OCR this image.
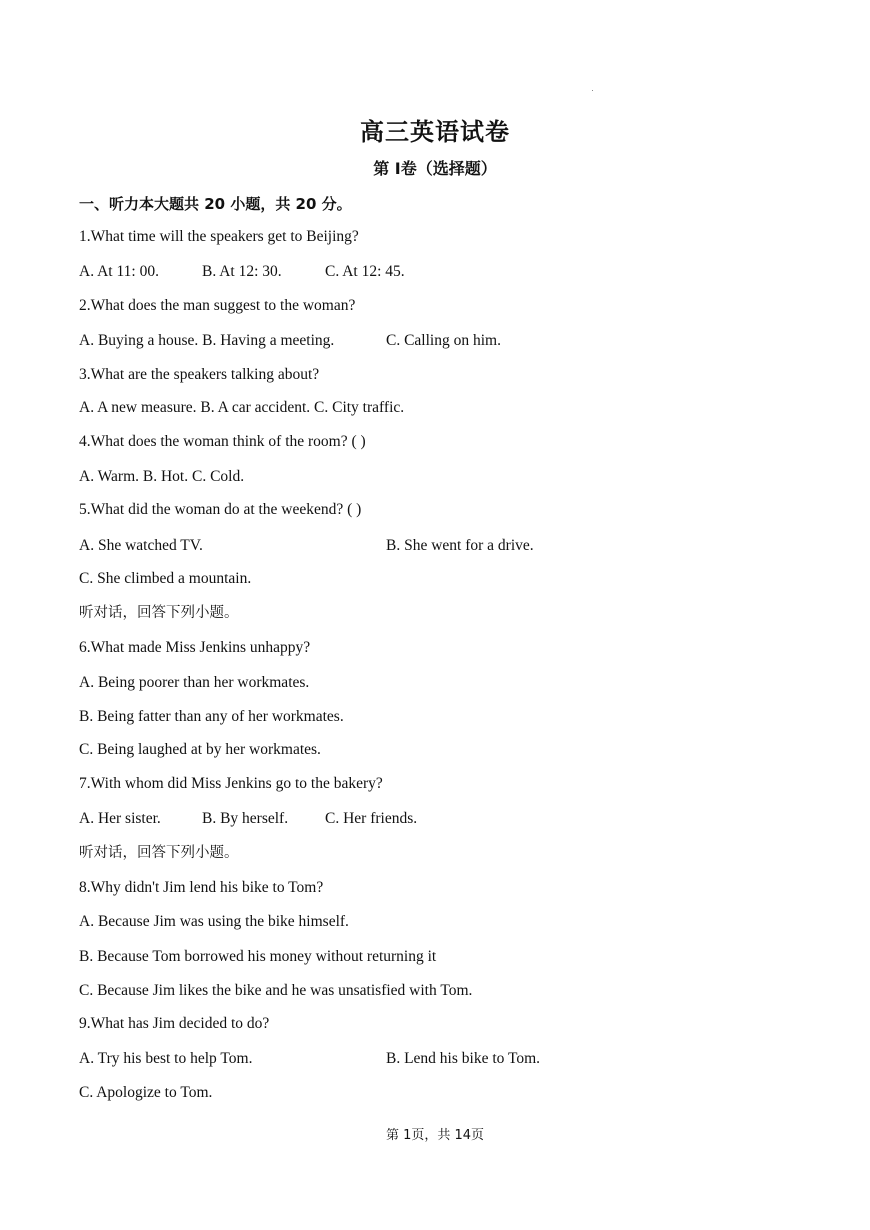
高三英语试卷
第 I卷（选择题）
一、听力本大题共 20 小题，共 20 分。
1.What time will the speakers get to Beijing?
A. At 11: 00.	B. At 12: 30.	C. At 12: 45.
2.What does the man suggest to the woman?
A. Buying a house. B. Having a meeting.	C. Calling on him.
3.What are the speakers talking about?
A. A new measure. B. A car accident. C. City traffic.
4.What does the woman think of the room? ( )
A. Warm. B. Hot. C. Cold.
5.What did the woman do at the weekend? ( )
A. She watched TV.	B. She went for a drive.
C. She climbed a mountain.
听对话，回答下列小题。
6.What made Miss Jenkins unhappy?
A. Being poorer than her workmates.
B. Being fatter than any of her workmates.
C. Being laughed at by her workmates.
7.With whom did Miss Jenkins go to the bakery?
A. Her sister.	B. By herself. C. Her friends.
听对话，回答下列小题。
8.Why didn't Jim lend his bike to Tom?
A. Because Jim was using the bike himself.
B. Because Tom borrowed his money without returning it
C. Because Jim likes the bike and he was unsatisfied with Tom.
9.What has Jim decided to do?
A. Try his best to help Tom.	B. Lend his bike to Tom.
C. Apologize to Tom.
第 1页，共 14页
